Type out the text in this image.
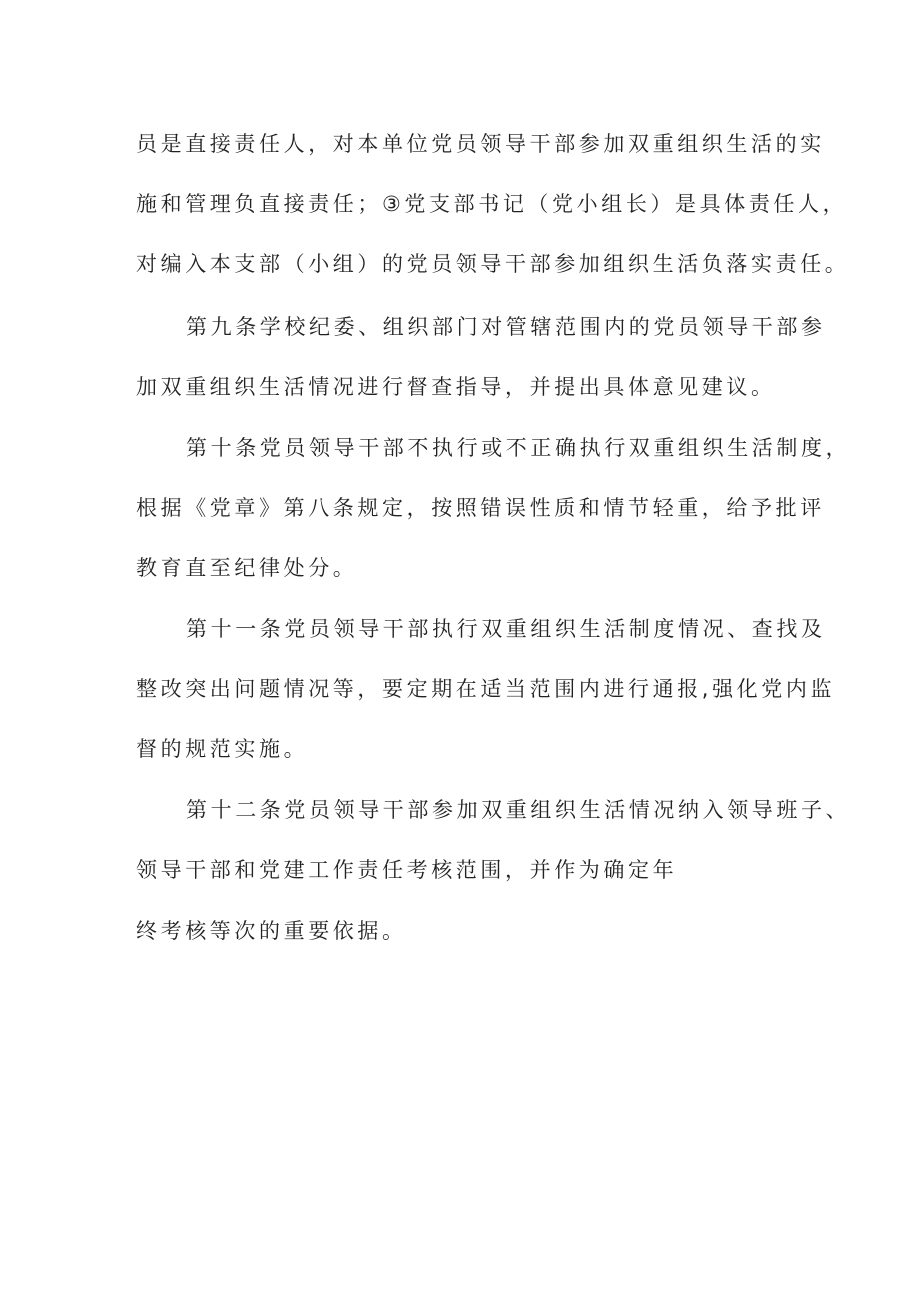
员是直接责任人，对本单位党员领导干部参加双重组织生活的实
施和管理负直接责任；③党支部书记（党小组长）是具体责任人，
对编入本支部（小组）的党员领导干部参加组织生活负落实责任。
第九条学校纪委、组织部门对管辖范围内的党员领导干部参
加双重组织生活情况进行督查指导，并提出具体意见建议。
第十条党员领导干部不执行或不正确执行双重组织生活制度，
根据《党章》第八条规定，按照错误性质和情节轻重，给予批评
教育直至纪律处分。
第十一条党员领导干部执行双重组织生活制度情况、查找及
整改突出问题情况等，要定期在适当范围内进行通报,强化党内监
督的规范实施。
第十二条党员领导干部参加双重组织生活情况纳入领导班子、
领导干部和党建工作责任考核范围，并作为确定年
终考核等次的重要依据。
